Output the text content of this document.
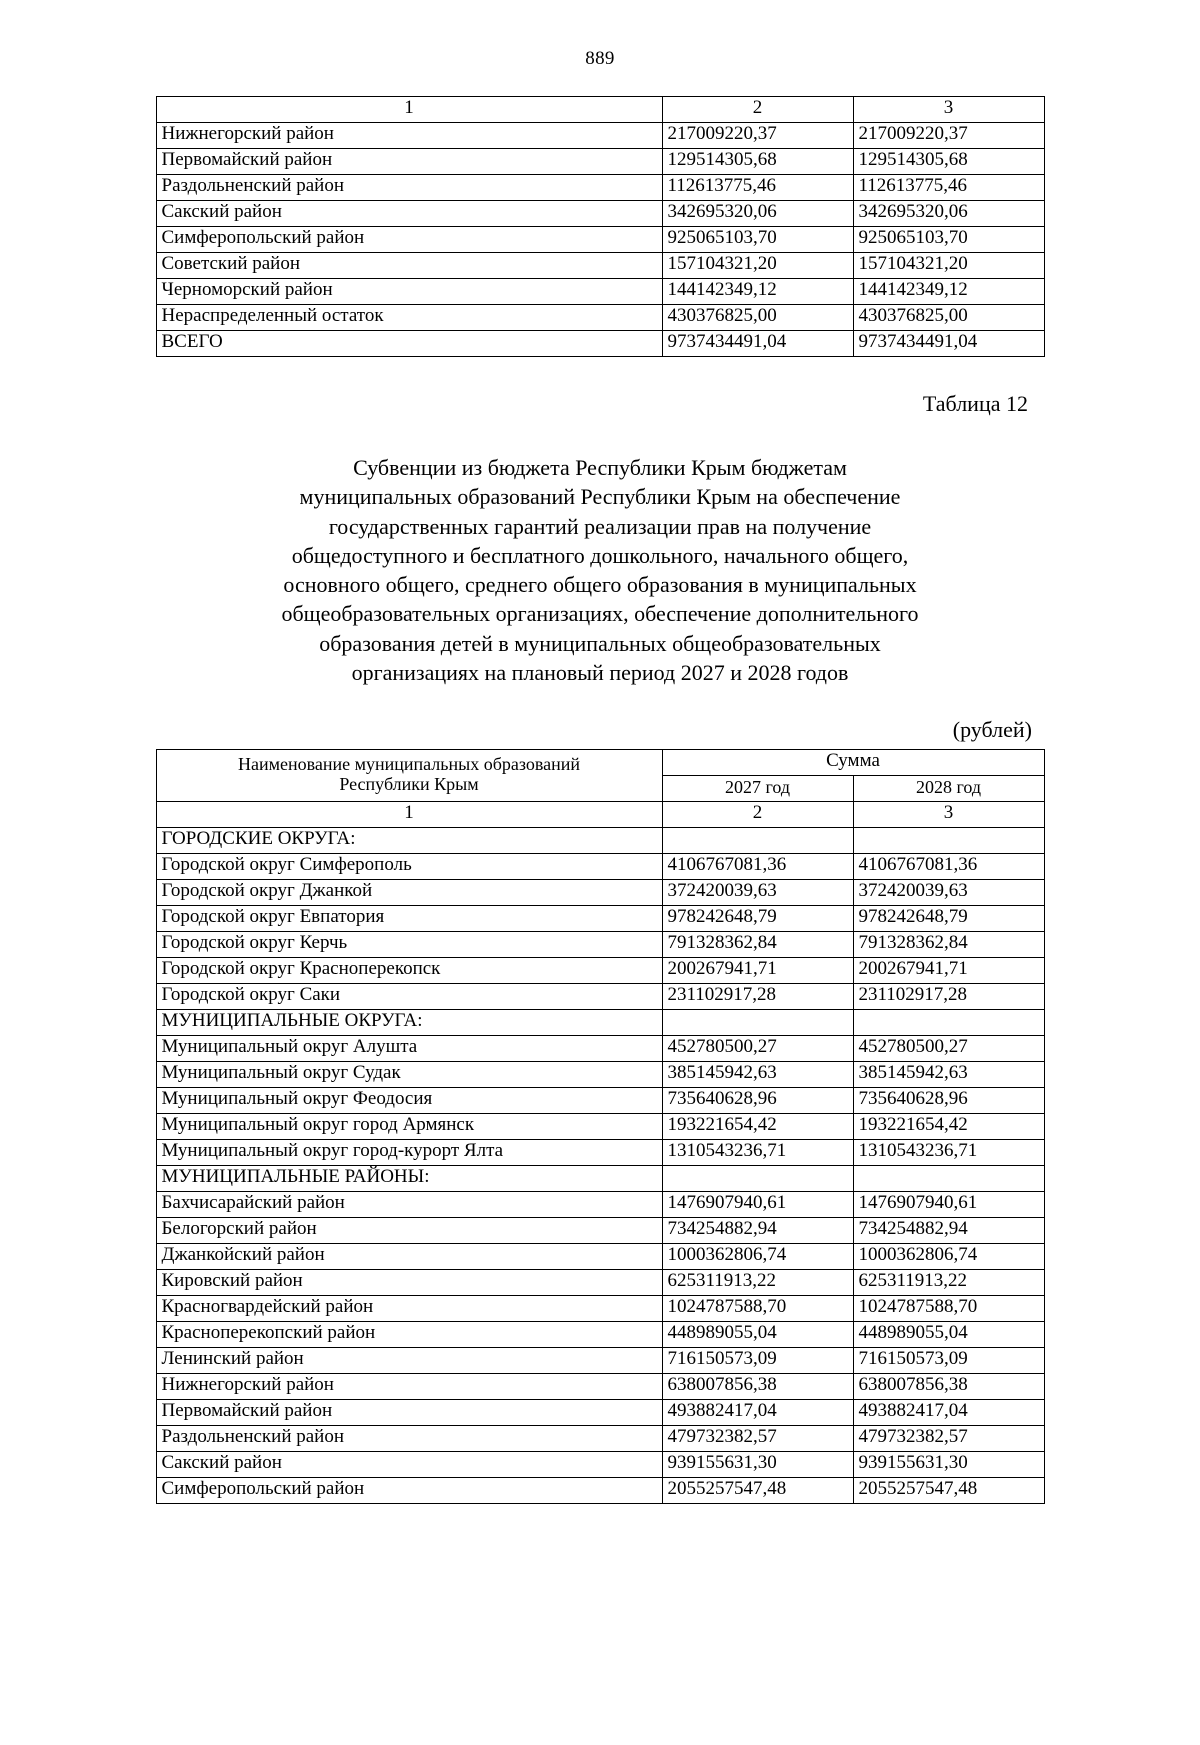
889
1	2	3
Нижнегорский район	217009220,37	217009220,37
Первомайский район	129514305,68	129514305,68
Раздольненский район	112613775,46	112613775,46
Сакский район	342695320,06	342695320,06
Симферопольский район	925065103,70	925065103,70
Советский район	157104321,20	157104321,20
Черноморский район	144142349,12	144142349,12
Нераспределенный остаток	430376825,00	430376825,00
ВСЕГО	9737434491,04	9737434491,04
Таблица 12
Субвенции из бюджета Республики Крым бюджетам
муниципальных образований Республики Крым на обеспечение
государственных гарантий реализации прав на получение
общедоступного и бесплатного дошкольного, начального общего,
основного общего, среднего общего образования в муниципальных
общеобразовательных организациях, обеспечение дополнительного
образования детей в муниципальных общеобразовательных
организациях на плановый период 2027 и 2028 годов
(рублей)
Наименование муниципальных образований
Республики Крым	Сумма	
	2027 год	2028 год
1	2	3
ГОРОДСКИЕ ОКРУГА:		
Городской округ Симферополь	4106767081,36	4106767081,36
Городской округ Джанкой	372420039,63	372420039,63
Городской округ Евпатория	978242648,79	978242648,79
Городской округ Керчь	791328362,84	791328362,84
Городской округ Красноперекопск	200267941,71	200267941,71
Городской округ Саки	231102917,28	231102917,28
МУНИЦИПАЛЬНЫЕ ОКРУГА:		
Муниципальный округ Алушта	452780500,27	452780500,27
Муниципальный округ Судак	385145942,63	385145942,63
Муниципальный округ Феодосия	735640628,96	735640628,96
Муниципальный округ город Армянск	193221654,42	193221654,42
Муниципальный округ город-курорт Ялта	1310543236,71	1310543236,71
МУНИЦИПАЛЬНЫЕ РАЙОНЫ:		
Бахчисарайский район	1476907940,61	1476907940,61
Белогорский район	734254882,94	734254882,94
Джанкойский район	1000362806,74	1000362806,74
Кировский район	625311913,22	625311913,22
Красногвардейский район	1024787588,70	1024787588,70
Красноперекопский район	448989055,04	448989055,04
Ленинский район	716150573,09	716150573,09
Нижнегорский район	638007856,38	638007856,38
Первомайский район	493882417,04	493882417,04
Раздольненский район	479732382,57	479732382,57
Сакский район	939155631,30	939155631,30
Симферопольский район	2055257547,48	2055257547,48
